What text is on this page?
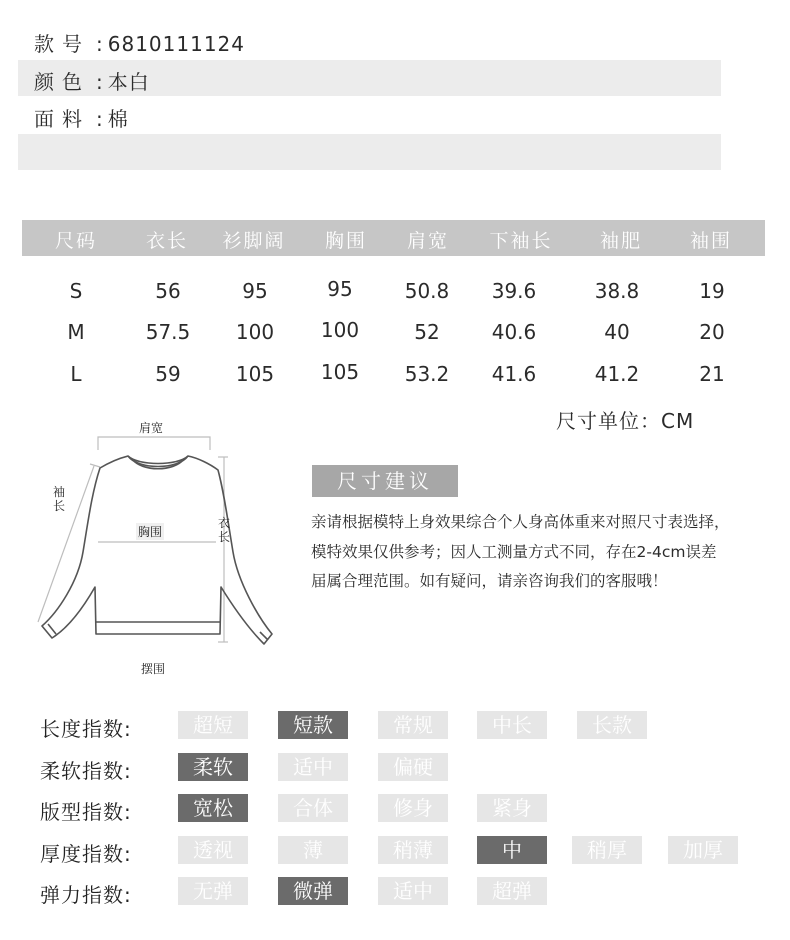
款号 : 6810111124
颜色 : 本白
面料 : 棉
尺码	衣长	衫脚阔	胸围	肩宽	下袖长	袖肥	袖围
S	56	95	95	50.8	39.6	38.8	19
M	57.5	100	100	52	40.6	40	20
L	59	105	105	53.2	41.6	41.2	21
尺寸单位：CM
肩宽
袖长
胸围
衣长
摆围
尺寸建议
亲请根据模特上身效果综合个人身高体重来对照尺寸表选择，模特效果仅供参考；因人工测量方式不同，存在2-4cm误差届属合理范围。如有疑问，请亲咨询我们的客服哦！
长度指数:	超短	短款	常规	中长	长款
柔软指数:	柔软	适中	偏硬
版型指数:	宽松	合体	修身	紧身
厚度指数:	透视	薄	稍薄	中	稍厚	加厚
弹力指数:	无弹	微弹	适中	超弹
